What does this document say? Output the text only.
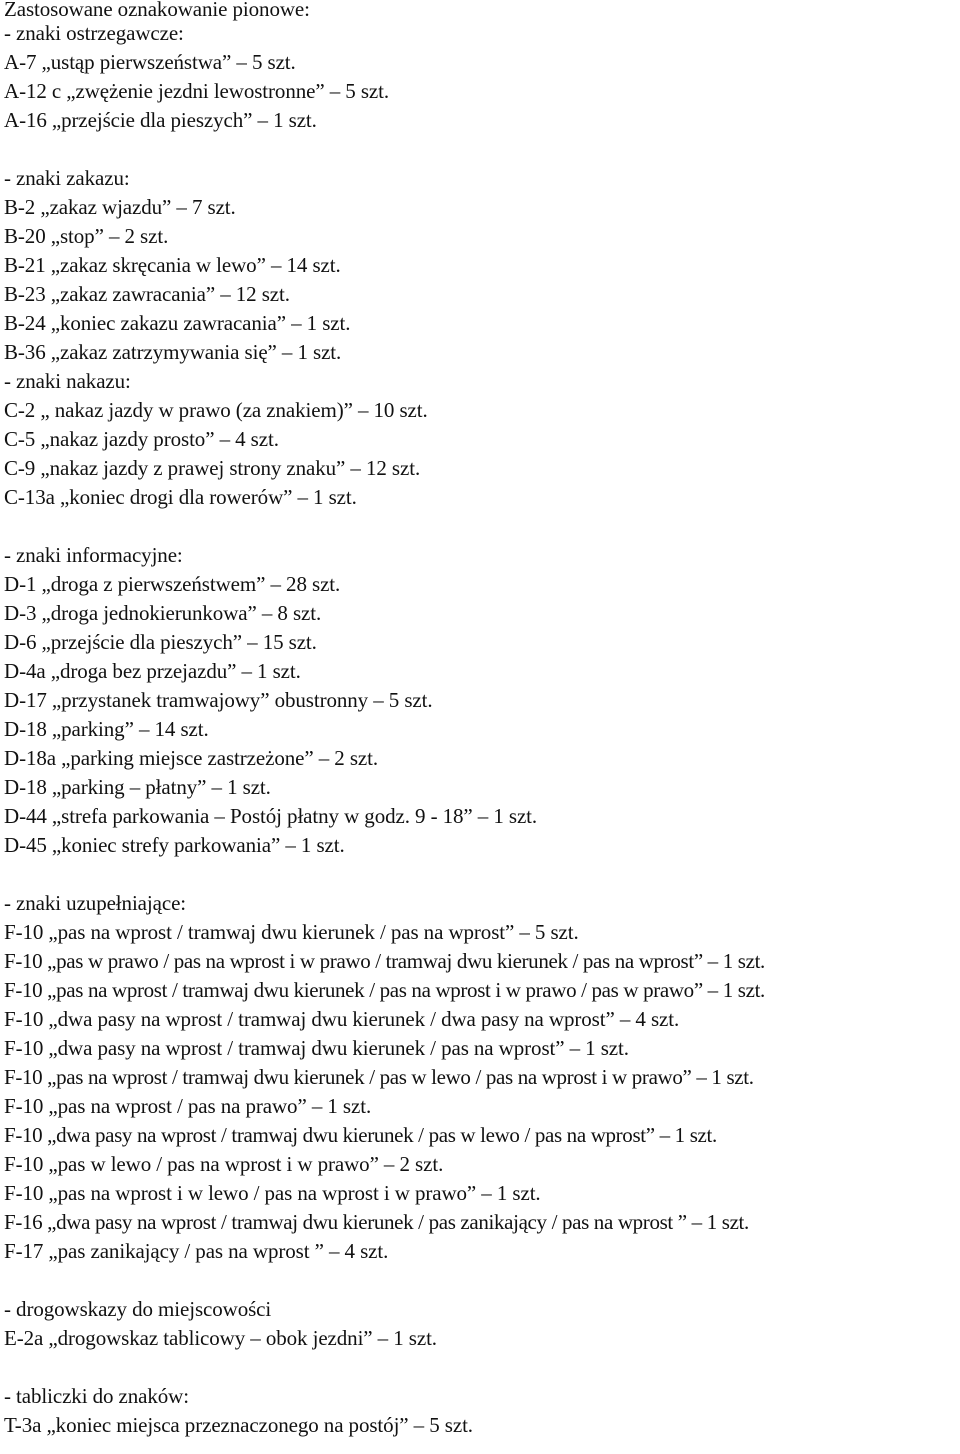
Zastosowane oznakowanie pionowe:
- znaki ostrzegawcze:
A-7 „ustąp pierwszeństwa” – 5 szt.
A-12 c „zwężenie jezdni lewostronne” – 5 szt.
A-16 „przejście dla pieszych” – 1 szt.
- znaki zakazu:
B-2 „zakaz wjazdu” – 7 szt.
B-20 „stop” – 2 szt.
B-21 „zakaz skręcania w lewo” – 14 szt.
B-23 „zakaz zawracania” – 12 szt.
B-24 „koniec zakazu zawracania” – 1 szt.
B-36 „zakaz zatrzymywania się” – 1 szt.
- znaki nakazu:
C-2 „ nakaz jazdy w prawo (za znakiem)” – 10 szt.
C-5 „nakaz jazdy prosto” – 4 szt.
C-9 „nakaz jazdy z prawej strony znaku” – 12 szt.
C-13a „koniec drogi dla rowerów” – 1 szt.
- znaki informacyjne:
D-1 „droga z pierwszeństwem” – 28 szt.
D-3 „droga jednokierunkowa” – 8 szt.
D-6 „przejście dla pieszych” – 15 szt.
D-4a „droga bez przejazdu” – 1 szt.
D-17 „przystanek tramwajowy” obustronny – 5 szt.
D-18 „parking” – 14 szt.
D-18a „parking miejsce zastrzeżone” – 2 szt.
D-18 „parking – płatny” – 1 szt.
D-44 „strefa parkowania – Postój płatny w godz. 9 - 18” – 1 szt.
D-45 „koniec strefy parkowania” – 1 szt.
- znaki uzupełniające:
F-10 „pas na wprost / tramwaj dwu kierunek / pas na wprost” – 5 szt.
F-10 „pas w prawo / pas na wprost i w prawo / tramwaj dwu kierunek / pas na wprost” – 1 szt.
F-10 „pas na wprost / tramwaj dwu kierunek / pas na wprost i w prawo / pas w prawo” – 1 szt.
F-10 „dwa pasy na wprost / tramwaj dwu kierunek / dwa pasy na wprost” – 4 szt.
F-10 „dwa pasy na wprost / tramwaj dwu kierunek / pas na wprost” – 1 szt.
F-10 „pas na wprost / tramwaj dwu kierunek / pas w lewo / pas na wprost i w prawo” – 1 szt.
F-10 „pas na wprost / pas na prawo” – 1 szt.
F-10 „dwa pasy na wprost / tramwaj dwu kierunek / pas w lewo / pas na wprost” – 1 szt.
F-10 „pas w lewo / pas na wprost i w prawo” – 2 szt.
F-10 „pas na wprost i w lewo / pas na wprost i w prawo” – 1 szt.
F-16 „dwa pasy na wprost / tramwaj dwu kierunek / pas zanikający / pas na wprost ” – 1 szt.
F-17 „pas zanikający / pas na wprost ” – 4 szt.
- drogowskazy do miejscowości
E-2a „drogowskaz tablicowy – obok jezdni” – 1 szt.
- tabliczki do znaków:
T-3a „koniec miejsca przeznaczonego na postój” – 5 szt.
